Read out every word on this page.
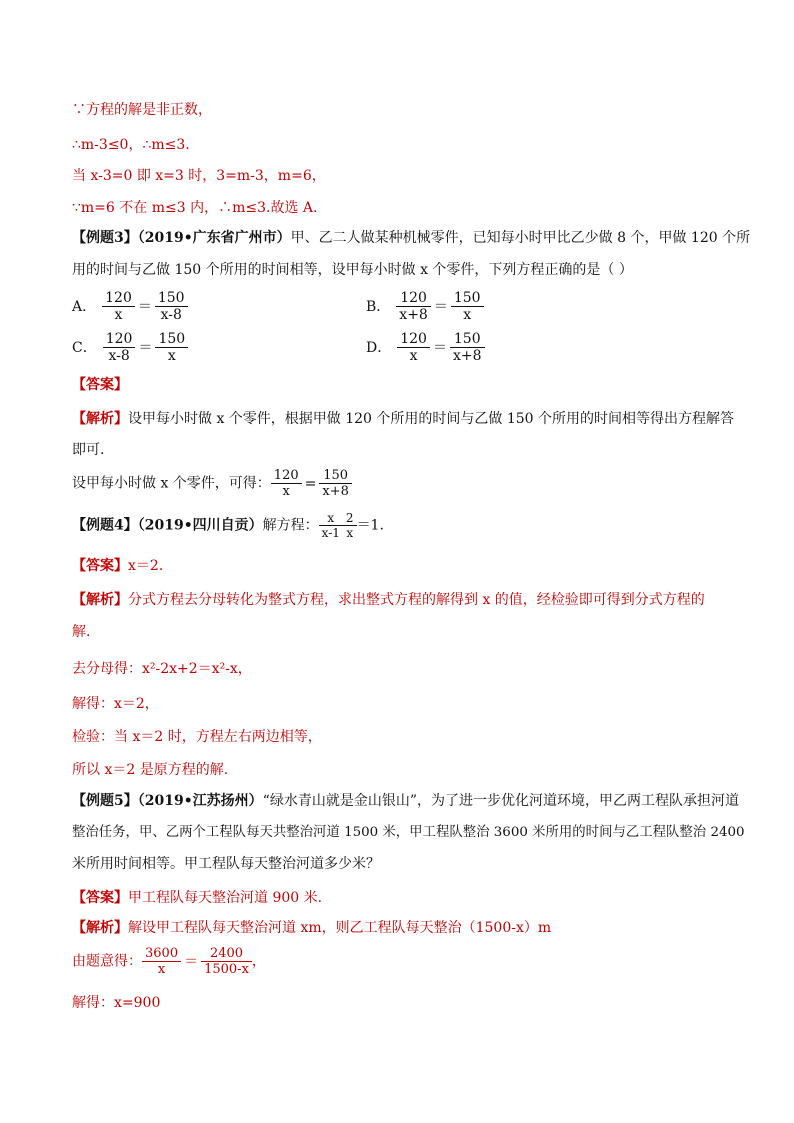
∵方程的解是非正数，
∴m-3≤0，∴m≤3.
当 x-3=0 即 x=3 时，3=m-3，m=6，
∵m=6 不在 m≤3 内，∴m≤3.故选 A.
【例题3】（2019•广东省广州市）甲、乙二人做某种机械零件，已知每小时甲比乙少做 8 个，甲做 120 个所
用的时间与乙做 150 个所用的时间相等，设甲每小时做 x 个零件，下列方程正确的是（ ）
A． $\frac{120}{x} = \frac{150}{x-8}$	B． $\frac{120}{x+8} = \frac{150}{x}$
C． $\frac{120}{x-8} = \frac{150}{x}$	D． $\frac{120}{x} = \frac{150}{x+8}$
【答案】
【解析】设甲每小时做 x 个零件，根据甲做 120 个所用的时间与乙做 150 个所用的时间相等得出方程解答
即可.
设甲每小时做 x 个零件，可得： $\frac{120}{x} = \frac{150}{x+8}$
【例题4】（2019•四川自贡）解方程： $\frac{x}{x-1} \frac{2}{x} =1$.
【答案】x＝2.
【解析】分式方程去分母转化为整式方程，求出整式方程的解得到 x 的值，经检验即可得到分式方程的
解.
去分母得：x²-2x+2＝x²-x，
解得：x＝2，
检验：当 x＝2 时，方程左右两边相等，
所以 x＝2 是原方程的解.
【例题5】（2019•江苏扬州）“绿水青山就是金山银山”，为了进一步优化河道环境，甲乙两工程队承担河道
整治任务，甲、乙两个工程队每天共整治河道 1500 米，甲工程队整治 3600 米所用的时间与乙工程队整治 2400
米所用时间相等。甲工程队每天整治河道多少米？
【答案】甲工程队每天整治河道 900 米.
【解析】解设甲工程队每天整治河道 xm，则乙工程队每天整治（1500-x）m
由题意得： $\frac{3600}{x} = \frac{2400}{1500-x}$ ，
解得：x=900
